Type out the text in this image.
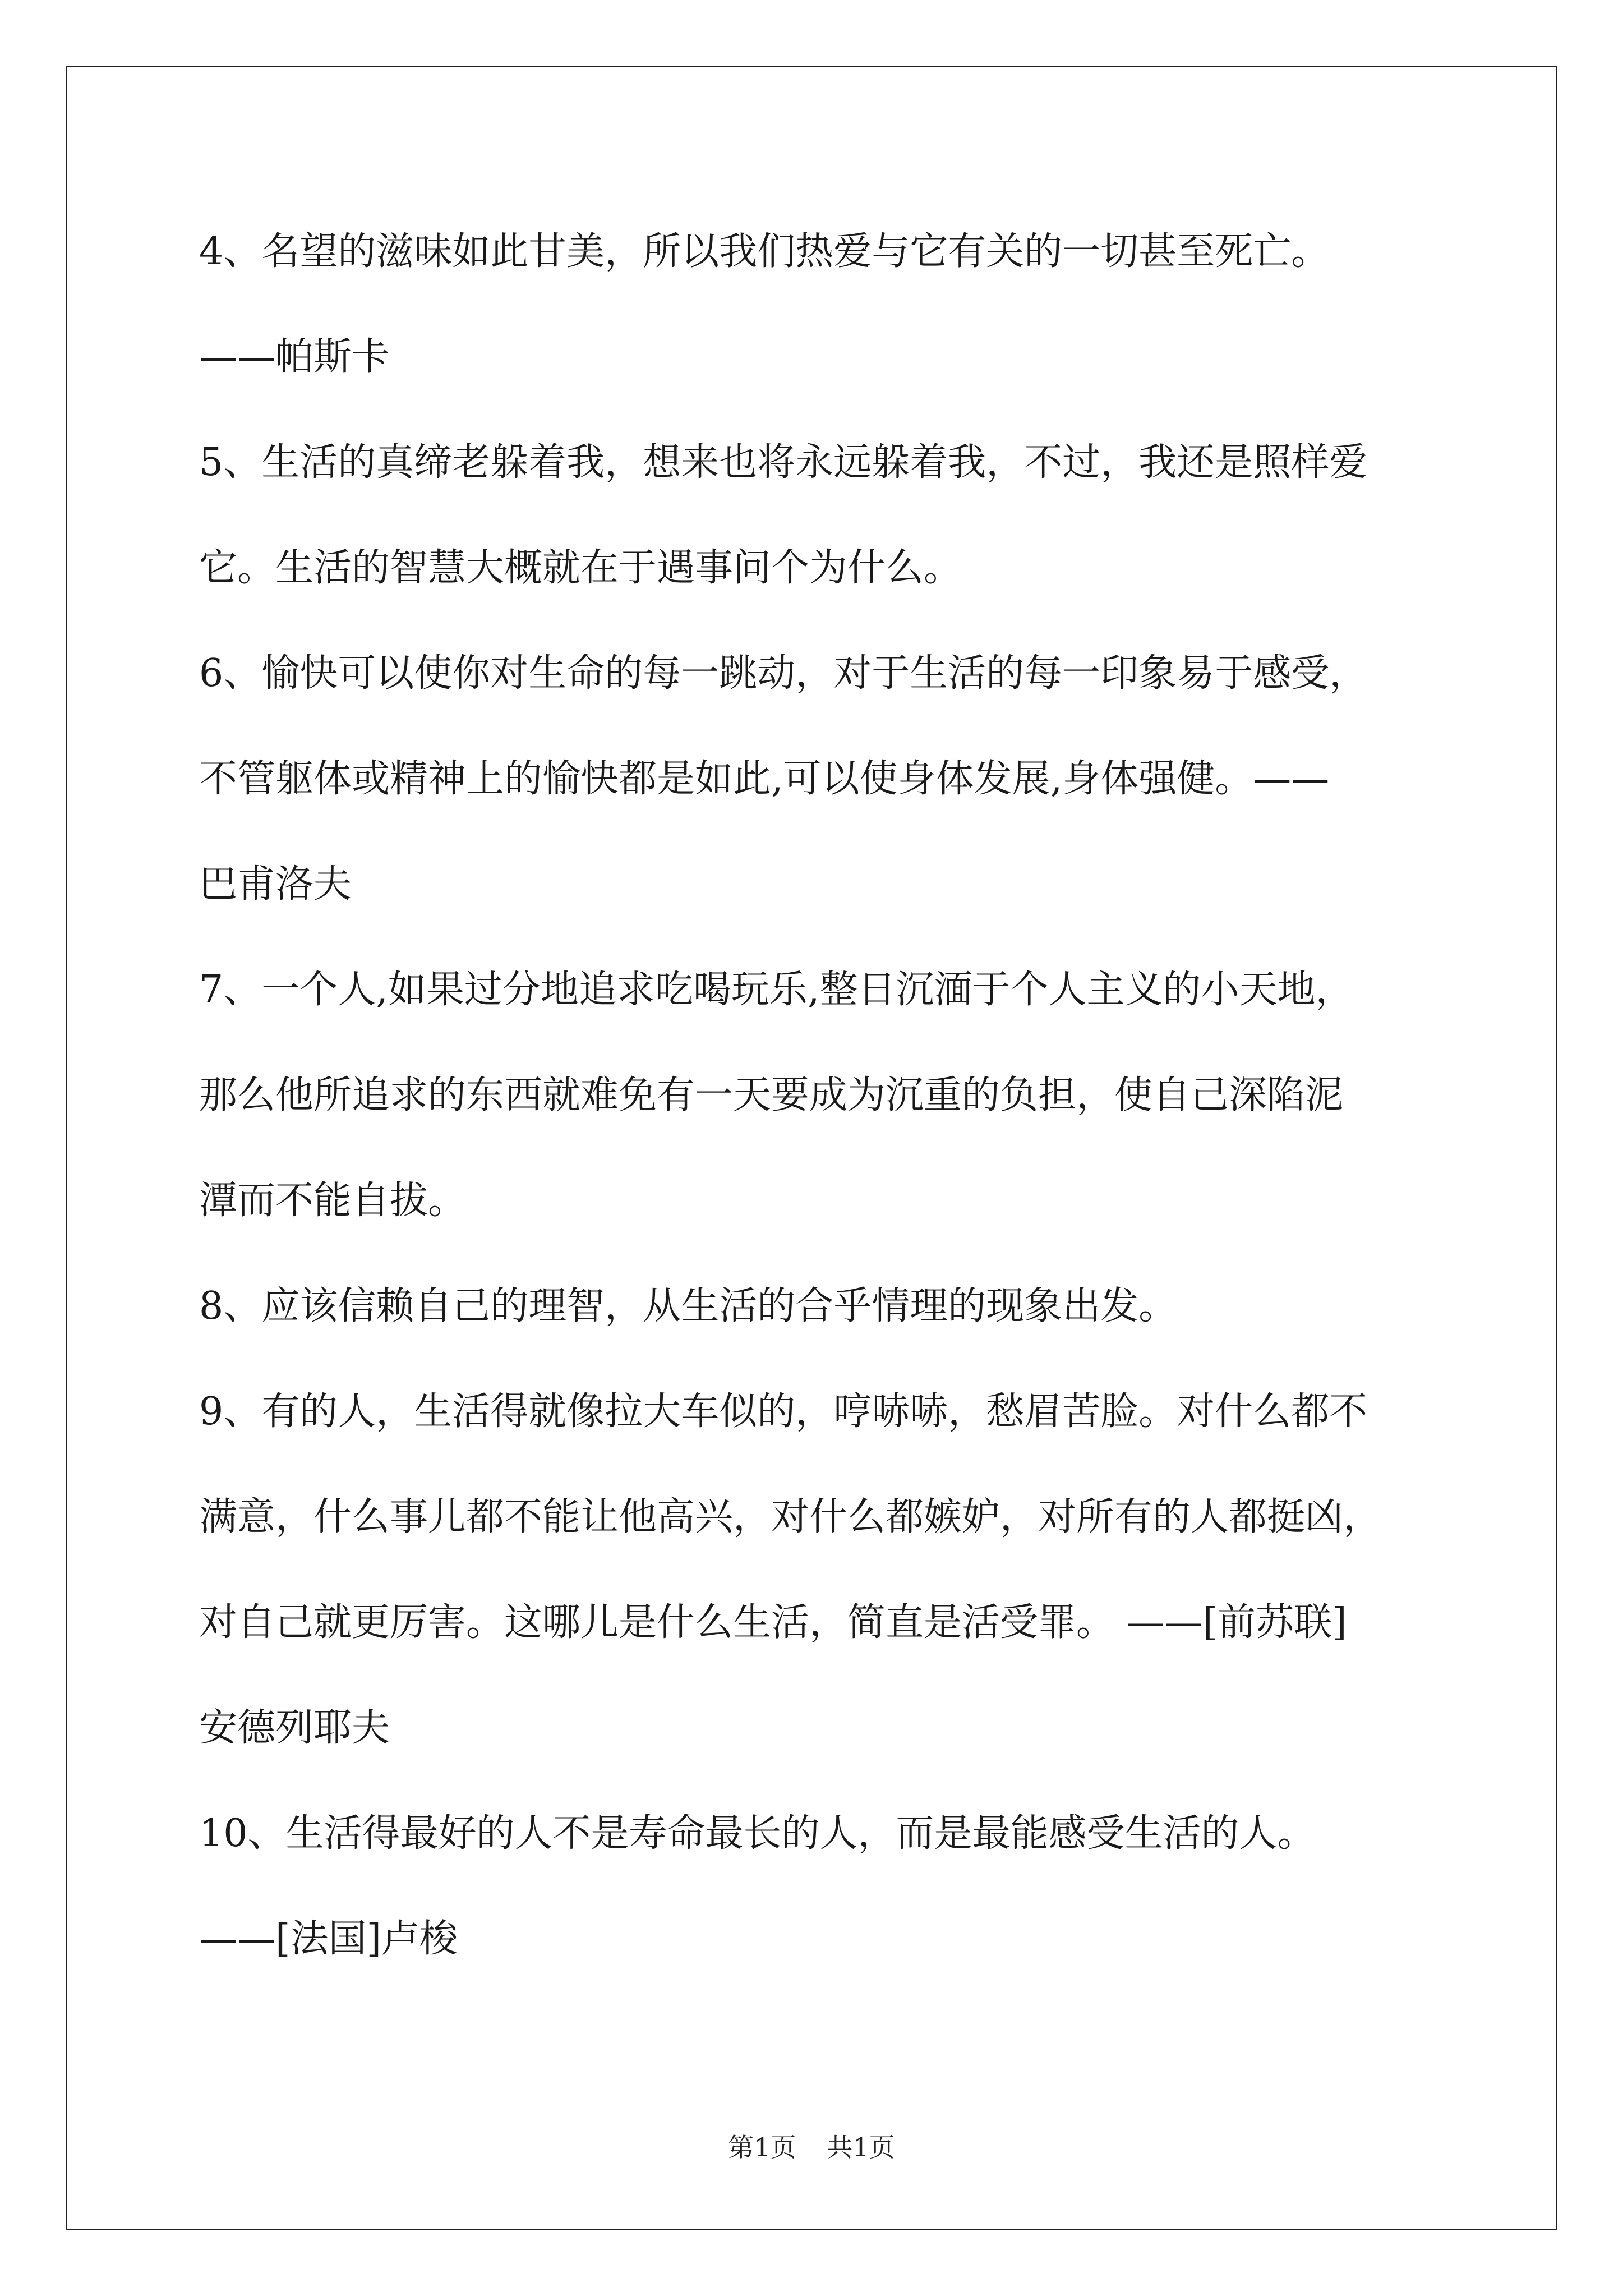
4、名望的滋味如此甘美，所以我们热爱与它有关的一切甚至死亡。
——帕斯卡
5、生活的真缔老躲着我，想来也将永远躲着我，不过，我还是照样爱
它。生活的智慧大概就在于遇事问个为什么。
6、愉快可以使你对生命的每一跳动，对于生活的每一印象易于感受，
不管躯体或精神上的愉快都是如此,可以使身体发展,身体强健。——
巴甫洛夫
7、一个人,如果过分地追求吃喝玩乐,整日沉湎于个人主义的小天地，
那么他所追求的东西就难免有一天要成为沉重的负担，使自己深陷泥
潭而不能自拔。
8、应该信赖自己的理智，从生活的合乎情理的现象出发。
9、有的人，生活得就像拉大车似的，哼哧哧，愁眉苦脸。对什么都不
满意，什么事儿都不能让他高兴，对什么都嫉妒，对所有的人都挺凶，
对自己就更厉害。这哪儿是什么生活，简直是活受罪。 ——[前苏联]
安德列耶夫
10、生活得最好的人不是寿命最长的人，而是最能感受生活的人。
——[法国]卢梭
第1页 共1页
